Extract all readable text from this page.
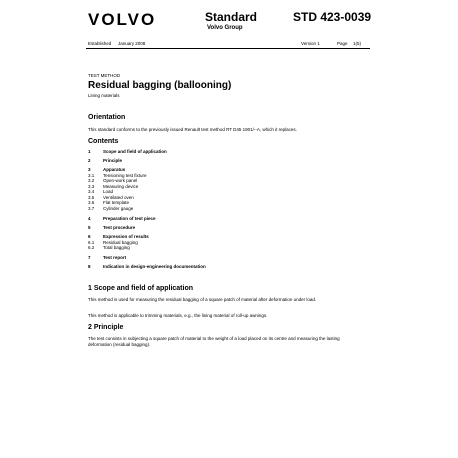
VOLVO	Standard
Volvo Group
STD 423-0039
Established January 2008	Version 1	Page 1(5)
TEST METHOD
Residual bagging (ballooning)
Lining materials
Orientation
This standard conforms to the previously issued Renault test method RT D45 1901/--A, which it replaces.
Contents
1	Scope and field of application
2	Principle
3	Apparatus
3.1 Tensioning test fixture
3.2 Open-work panel
3.3 Measuring device
3.4 Load
3.5 Ventilated oven
3.6 Flat template
3.7 Cylinder gauge
4	Preparation of test piece
5	Test procedure
6	Expression of results
6.1 Residual bagging
6.2 Total bagging
7	Test report
8	Indication in design-engineering documentation
1 Scope and field of application
This method is used for measuring the residual bagging of a square patch of material after deformation under load.
This method is applicable to trimming materials, e.g., the lining material of roll-up awnings.
2 Principle
The test consists in subjecting a square patch of material to the weight of a load placed on its centre and measuring the lasting deformation (residual bagging).
